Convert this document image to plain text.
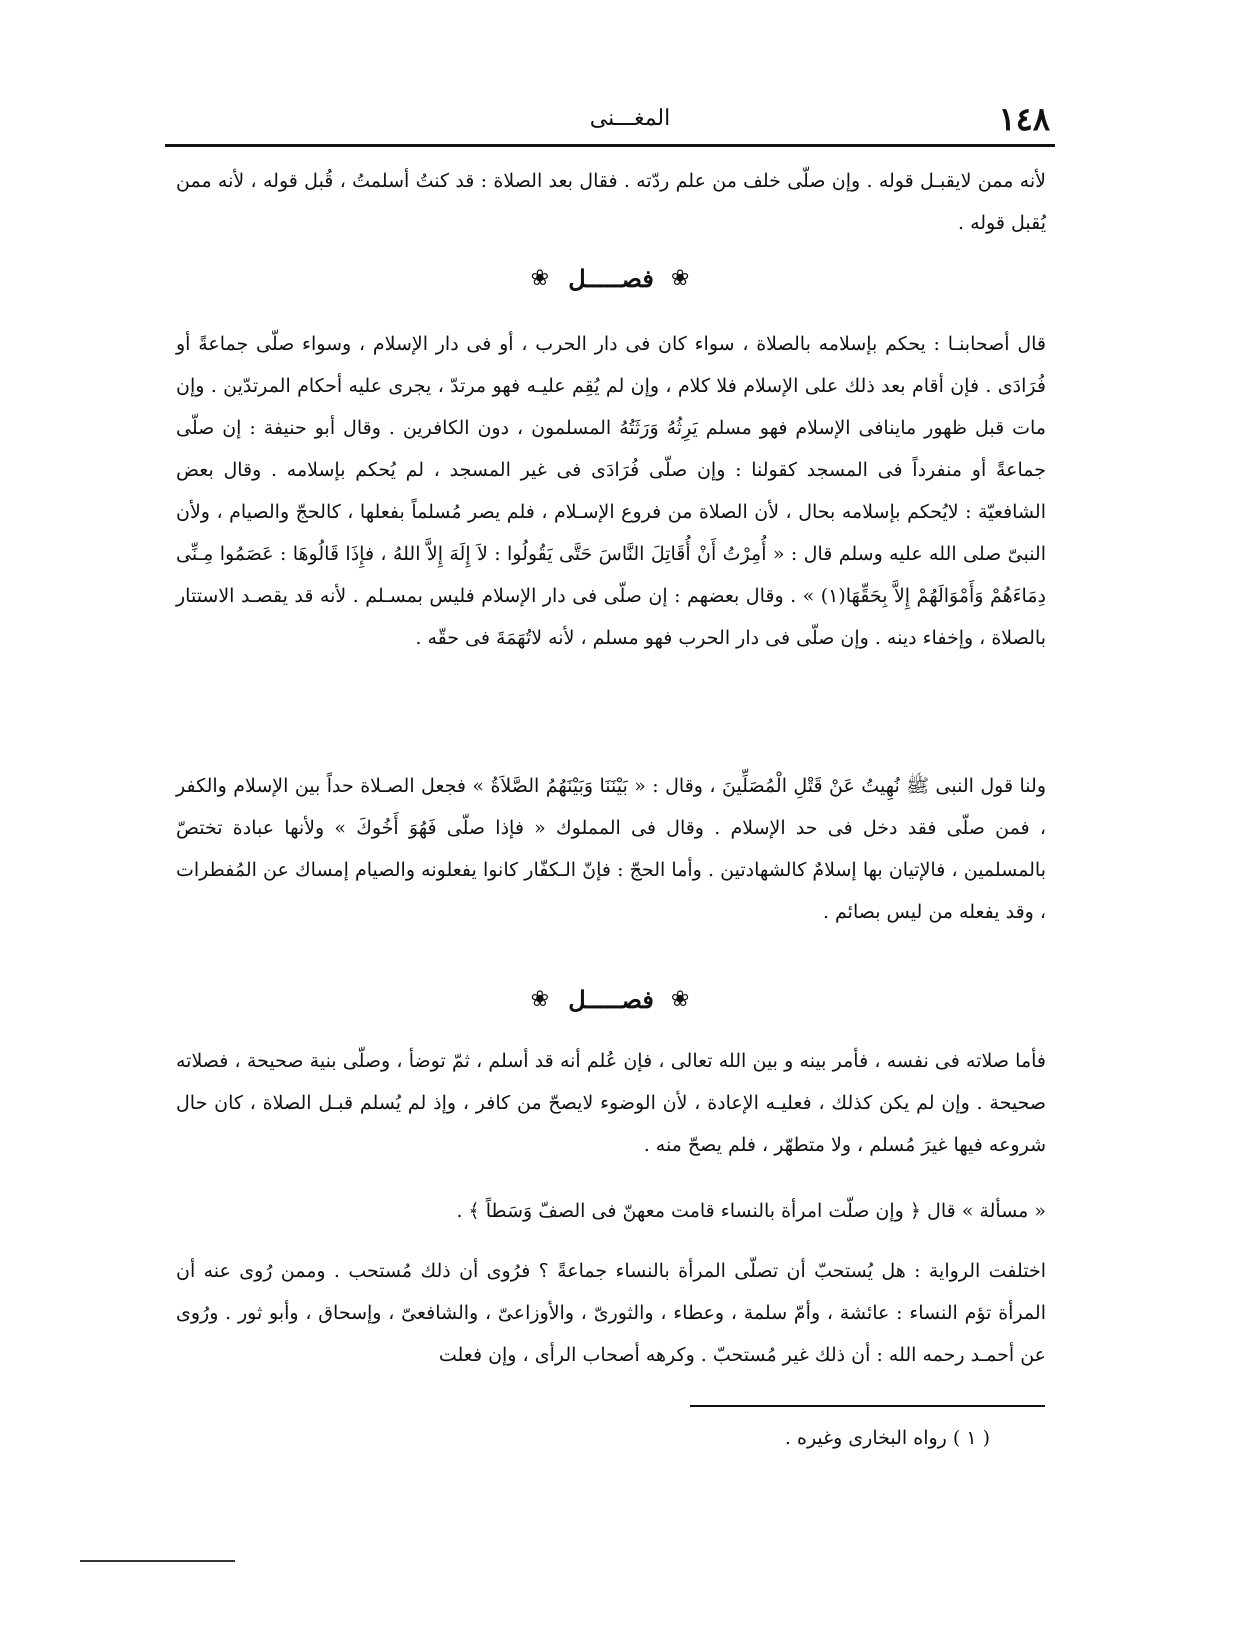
المغـــنى	١٤٨

لأنه ممن لايقبـل قوله . وإن صلّى خلف من علم ردّته . فقال بعد الصلاة : قد كنتُ أسلمتُ ، قُبل قوله ، لأنه ممن يُقبل قوله .

❀ فصـــــل ❀

قال أصحابنـا : يحكم بإسلامه بالصلاة ، سواء كان فى دار الحرب ، أو فى دار الإسلام ، وسواء صلّى جماعةً أو فُرَادَى . فإن أقام بعد ذلك على الإسلام فلا كلام ، وإن لم يُقِم عليـه فهو مرتدّ ، يجرى عليه أحكام المرتدّين . وإن مات قبل ظهور ماينافى الإسلام فهو مسلم يَرِثُهُ وَرَثَتُهُ المسلمون ، دون الكافرين . وقال أبو حنيفة : إن صلّى جماعةً أو منفرداً فى المسجد كقولنا : وإن صلّى فُرَادَى فى غير المسجد ، لم يُحكم بإسلامه . وقال بعض الشافعيّة : لايُحكم بإسلامه بحال ، لأن الصلاة من فروع الإسـلام ، فلم يصر مُسلماً بفعلها ، كالحجّ والصيام ، ولأن النبىّ صلى الله عليه وسلم قال : « أُمِرْتُ أَنْ أُقَاتِلَ النَّاسَ حَتَّى يَقُولُوا : لاَ إِلَهَ إِلاَّ اللهُ ، فإِذَا قَالُوهَا : عَصَمُوا مِـنِّى دِمَاءَهُمْ وَأَمْوَالَهُمْ إِلاَّ بِحَقِّهَا(١) » . وقال بعضهم : إن صلّى فى دار الإسلام فليس بمسـلم . لأنه قد يقصـد الاستتار بالصلاة ، وإخفاء دينه . وإن صلّى فى دار الحرب فهو مسلم ، لأنه لاتُهَمَةَ فى حقّه .

ولنا قول النبى ﷺ نُهِيتُ عَنْ قَتْلِ الْمُصَلِّينَ ، وقال : « بَيْنَنَا وَبَيْنَهُمُ الصَّلاَةُ » فجعل الصـلاة حداً بين الإسلام والكفر ، فمن صلّى فقد دخل فى حد الإسلام . وقال فى المملوك « فإذا صلّى فَهُوَ أَخُوكَ » ولأنها عبادة تختصّ بالمسلمين ، فالإتيان بها إسلامٌ كالشهادتين . وأما الحجّ : فإنّ الـكفّار كانوا يفعلونه والصيام إمساك عن المُفطرات ، وقد يفعله من ليس بصائم .

❀ فصـــــل ❀

فأما صلاته فى نفسه ، فأمر بينه و بين الله تعالى ، فإن عُلم أنه قد أسلم ، ثمّ توضأ ، وصلّى بنية صحيحة ، فصلاته صحيحة . وإن لم يكن كذلك ، فعليـه الإعادة ، لأن الوضوء لايصحّ من كافر ، وإذ لم يُسلم قبـل الصلاة ، كان حال شروعه فيها غيرَ مُسلم ، ولا متطهّر ، فلم يصحّ منه .

« مسألة » قال ﴿ وإن صلّت امرأة بالنساء قامت معهنّ فى الصفّ وَسَطاً ﴾ .

اختلفت الرواية : هل يُستحبّ أن تصلّى المرأة بالنساء جماعةً ؟ فرُوى أن ذلك مُستحب . وممن رُوى عنه أن المرأة تؤم النساء : عائشة ، وأمّ سلمة ، وعطاء ، والثورىّ ، والأوزاعىّ ، والشافعىّ ، وإسحاق ، وأبو ثور . ورُوى عن أحمـد رحمه الله : أن ذلك غير مُستحبّ . وكرهه أصحاب الرأى ، وإن فعلت

( ١ ) رواه البخارى وغيره .
